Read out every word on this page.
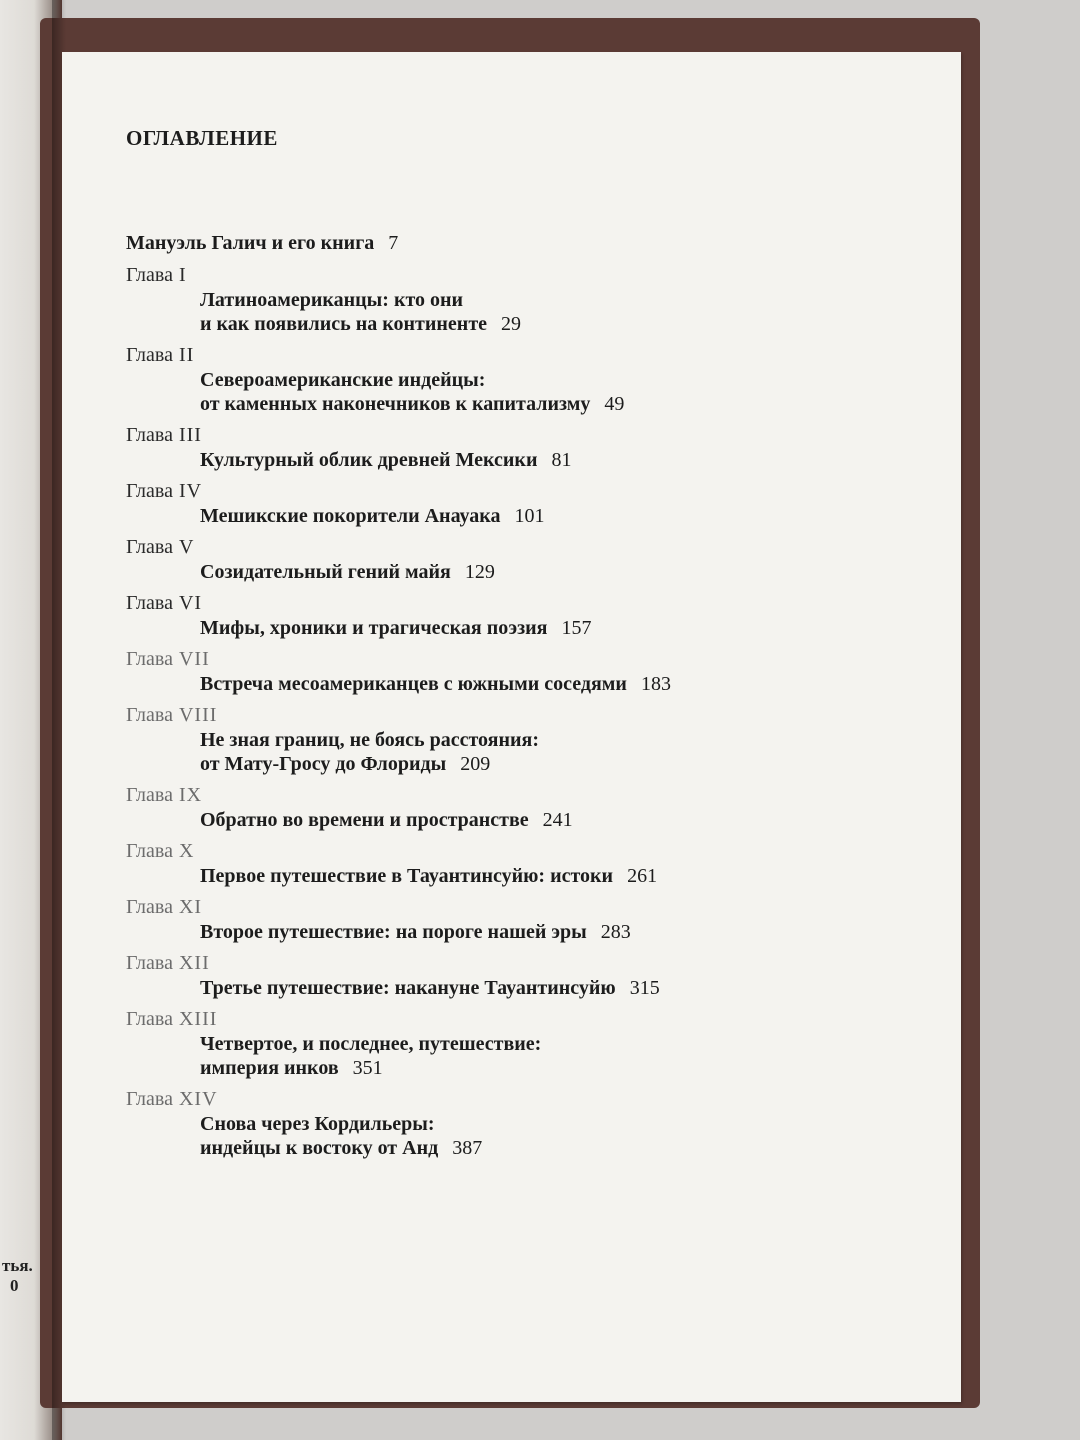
тья.
0
ОГЛАВЛЕНИЕ
Мануэль Галич и его книга 7
Глава I
Латиноамериканцы: кто они
и как появились на континенте 29
Глава II
Североамериканские индейцы:
от каменных наконечников к капитализму 49
Глава III
Культурный облик древней Мексики 81
Глава IV
Мешикские покорители Анауака 101
Глава V
Созидательный гений майя 129
Глава VI
Мифы, хроники и трагическая поэзия 157
Глава VII
Встреча месоамериканцев с южными соседями 183
Глава VIII
Не зная границ, не боясь расстояния:
от Мату-Гросу до Флориды 209
Глава IX
Обратно во времени и пространстве 241
Глава X
Первое путешествие в Тауантинсуйю: истоки 261
Глава XI
Второе путешествие: на пороге нашей эры 283
Глава XII
Третье путешествие: накануне Тауантинсуйю 315
Глава XIII
Четвертое, и последнее, путешествие:
империя инков 351
Глава XIV
Снова через Кордильеры:
индейцы к востоку от Анд 387
